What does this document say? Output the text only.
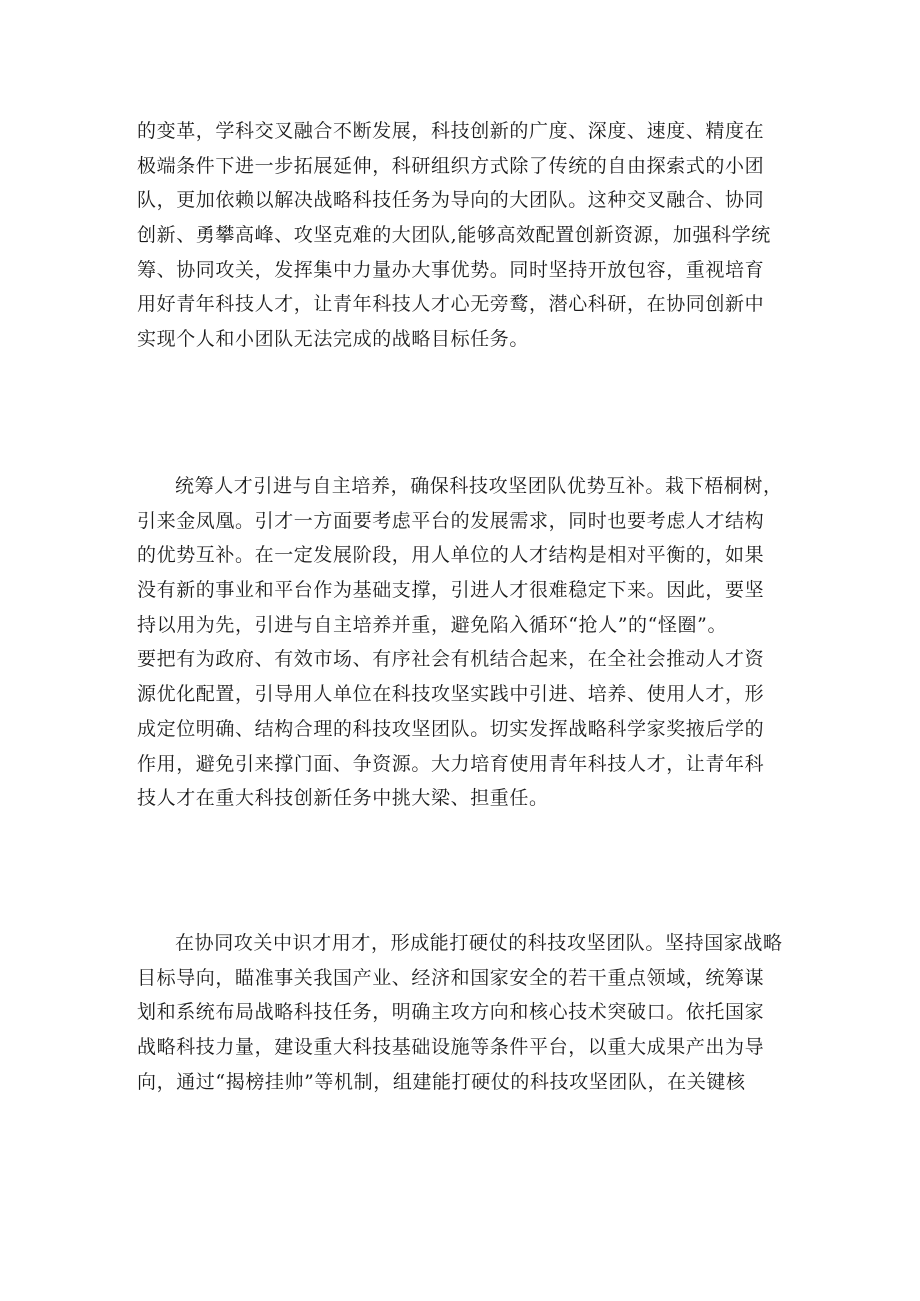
的变革，学科交叉融合不断发展，科技创新的广度、深度、速度、精度在
极端条件下进一步拓展延伸，科研组织方式除了传统的自由探索式的小团
队，更加依赖以解决战略科技任务为导向的大团队。这种交叉融合、协同
创新、勇攀高峰、攻坚克难的大团队,能够高效配置创新资源，加强科学统
筹、协同攻关，发挥集中力量办大事优势。同时坚持开放包容，重视培育
用好青年科技人才，让青年科技人才心无旁鹜，潜心科研，在协同创新中
实现个人和小团队无法完成的战略目标任务。
统筹人才引进与自主培养，确保科技攻坚团队优势互补。栽下梧桐树，
引来金凤凰。引才一方面要考虑平台的发展需求，同时也要考虑人才结构
的优势互补。在一定发展阶段，用人单位的人才结构是相对平衡的，如果
没有新的事业和平台作为基础支撑，引进人才很难稳定下来。因此，要坚
持以用为先，引进与自主培养并重，避免陷入循环“抢人”的“怪圈”。
要把有为政府、有效市场、有序社会有机结合起来，在全社会推动人才资
源优化配置，引导用人单位在科技攻坚实践中引进、培养、使用人才，形
成定位明确、结构合理的科技攻坚团队。切实发挥战略科学家奖掖后学的
作用，避免引来撑门面、争资源。大力培育使用青年科技人才，让青年科
技人才在重大科技创新任务中挑大梁、担重任。
在协同攻关中识才用才，形成能打硬仗的科技攻坚团队。坚持国家战略
目标导向，瞄准事关我国产业、经济和国家安全的若干重点领域，统筹谋
划和系统布局战略科技任务，明确主攻方向和核心技术突破口。依托国家
战略科技力量，建设重大科技基础设施等条件平台，以重大成果产出为导
向，通过“揭榜挂帅”等机制，组建能打硬仗的科技攻坚团队，在关键核
